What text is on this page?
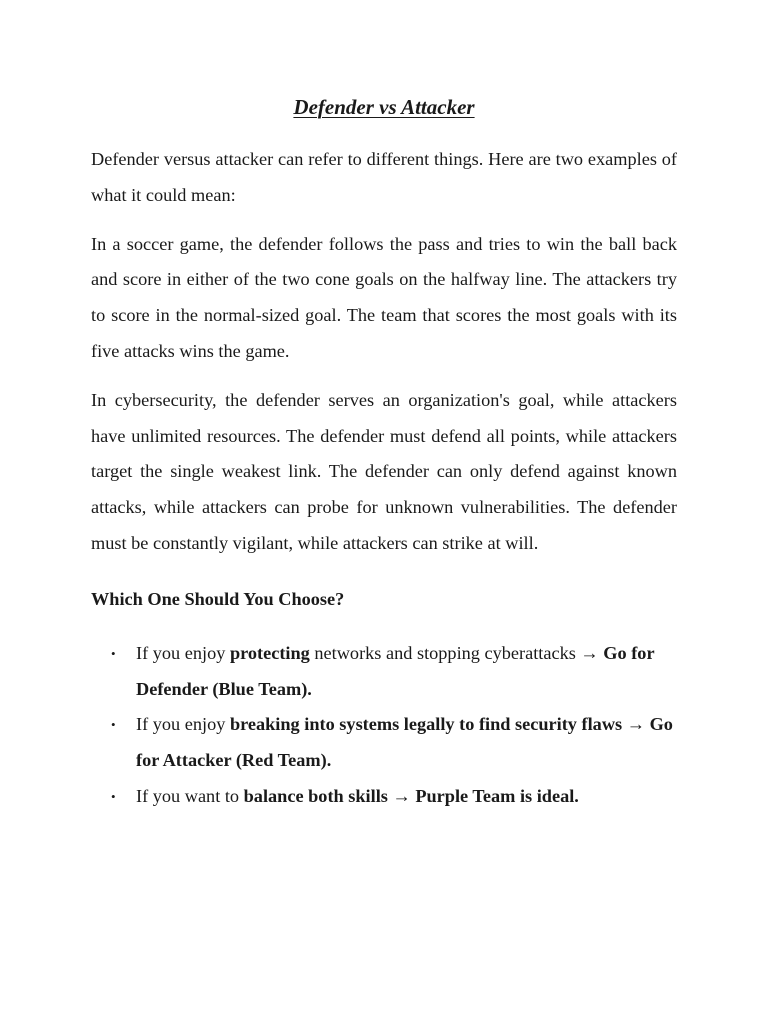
Defender vs Attacker

Defender versus attacker can refer to different things. Here are two examples of what it could mean:

In a soccer game, the defender follows the pass and tries to win the ball back and score in either of the two cone goals on the halfway line. The attackers try to score in the normal-sized goal. The team that scores the most goals with its five attacks wins the game.

In cybersecurity, the defender serves an organization's goal, while attackers have unlimited resources. The defender must defend all points, while attackers target the single weakest link. The defender can only defend against known attacks, while attackers can probe for unknown vulnerabilities. The defender must be constantly vigilant, while attackers can strike at will.

Which One Should You Choose?
• If you enjoy protecting networks and stopping cyberattacks → Go for Defender (Blue Team).
• If you enjoy breaking into systems legally to find security flaws → Go for Attacker (Red Team).
• If you want to balance both skills → Purple Team is ideal.
